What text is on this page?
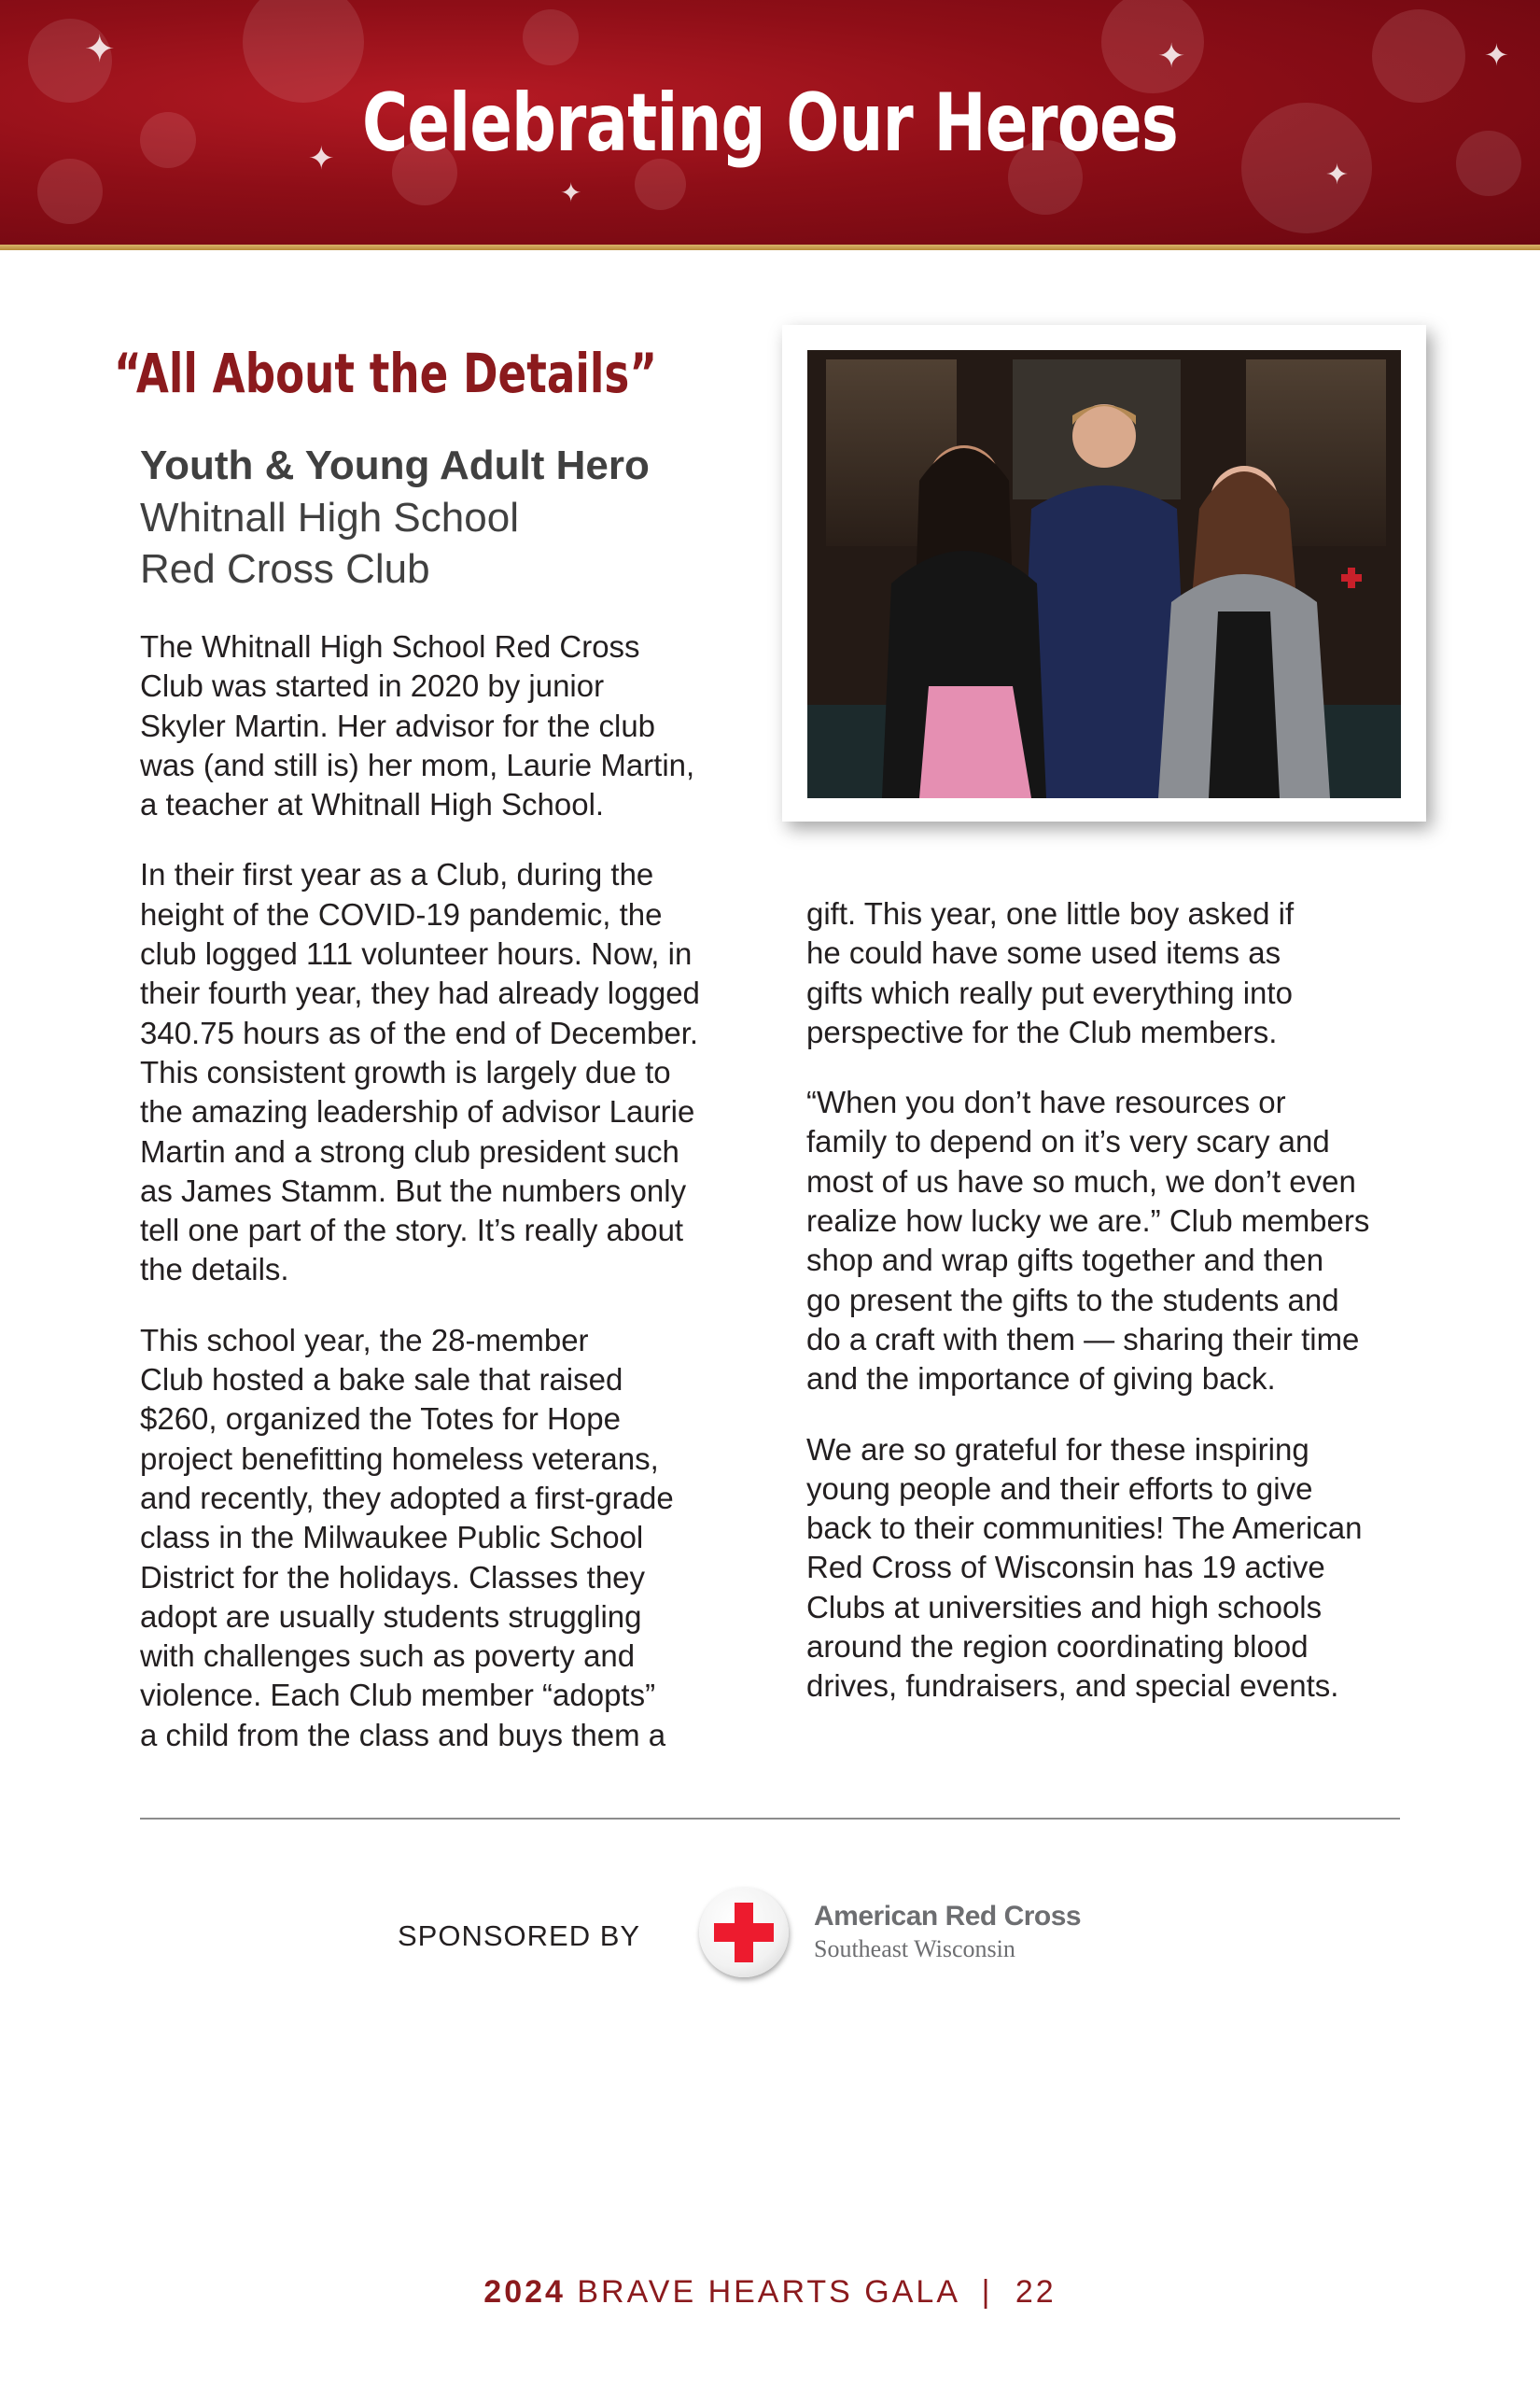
✦
✦
✦
✦
✦
✦
Celebrating Our Heroes
“All About the Details”
Youth & Young Adult Hero
Whitnall High School
Red Cross Club

The Whitnall High School Red Cross
Club was started in 2020 by junior
Skyler Martin. Her advisor for the club
was (and still is) her mom, Laurie Martin,
a teacher at Whitnall High School.

In their first year as a Club, during the
height of the COVID-19 pandemic, the
club logged 111 volunteer hours. Now, in
their fourth year, they had already logged
340.75 hours as of the end of December.
This consistent growth is largely due to
the amazing leadership of advisor Laurie
Martin and a strong club president such
as James Stamm. But the numbers only
tell one part of the story. It’s really about
the details.

This school year, the 28-member
Club hosted a bake sale that raised
$260, organized the Totes for Hope
project benefitting homeless veterans,
and recently, they adopted a first-grade
class in the Milwaukee Public School
District for the holidays. Classes they
adopt are usually students struggling
with challenges such as poverty and
violence. Each Club member “adopts”
a child from the class and buys them a

gift. This year, one little boy asked if
he could have some used items as
gifts which really put everything into
perspective for the Club members.

“When you don’t have resources or
family to depend on it’s very scary and
most of us have so much, we don’t even
realize how lucky we are.” Club members
shop and wrap gifts together and then
go present the gifts to the students and
do a craft with them — sharing their time
and the importance of giving back.

We are so grateful for these inspiring
young people and their efforts to give
back to their communities! The American
Red Cross of Wisconsin has 19 active
Clubs at universities and high schools
around the region coordinating blood
drives, fundraisers, and special events.

SPONSORED BY
American Red Cross
Southeast Wisconsin
2024 BRAVE HEARTS GALA | 22
